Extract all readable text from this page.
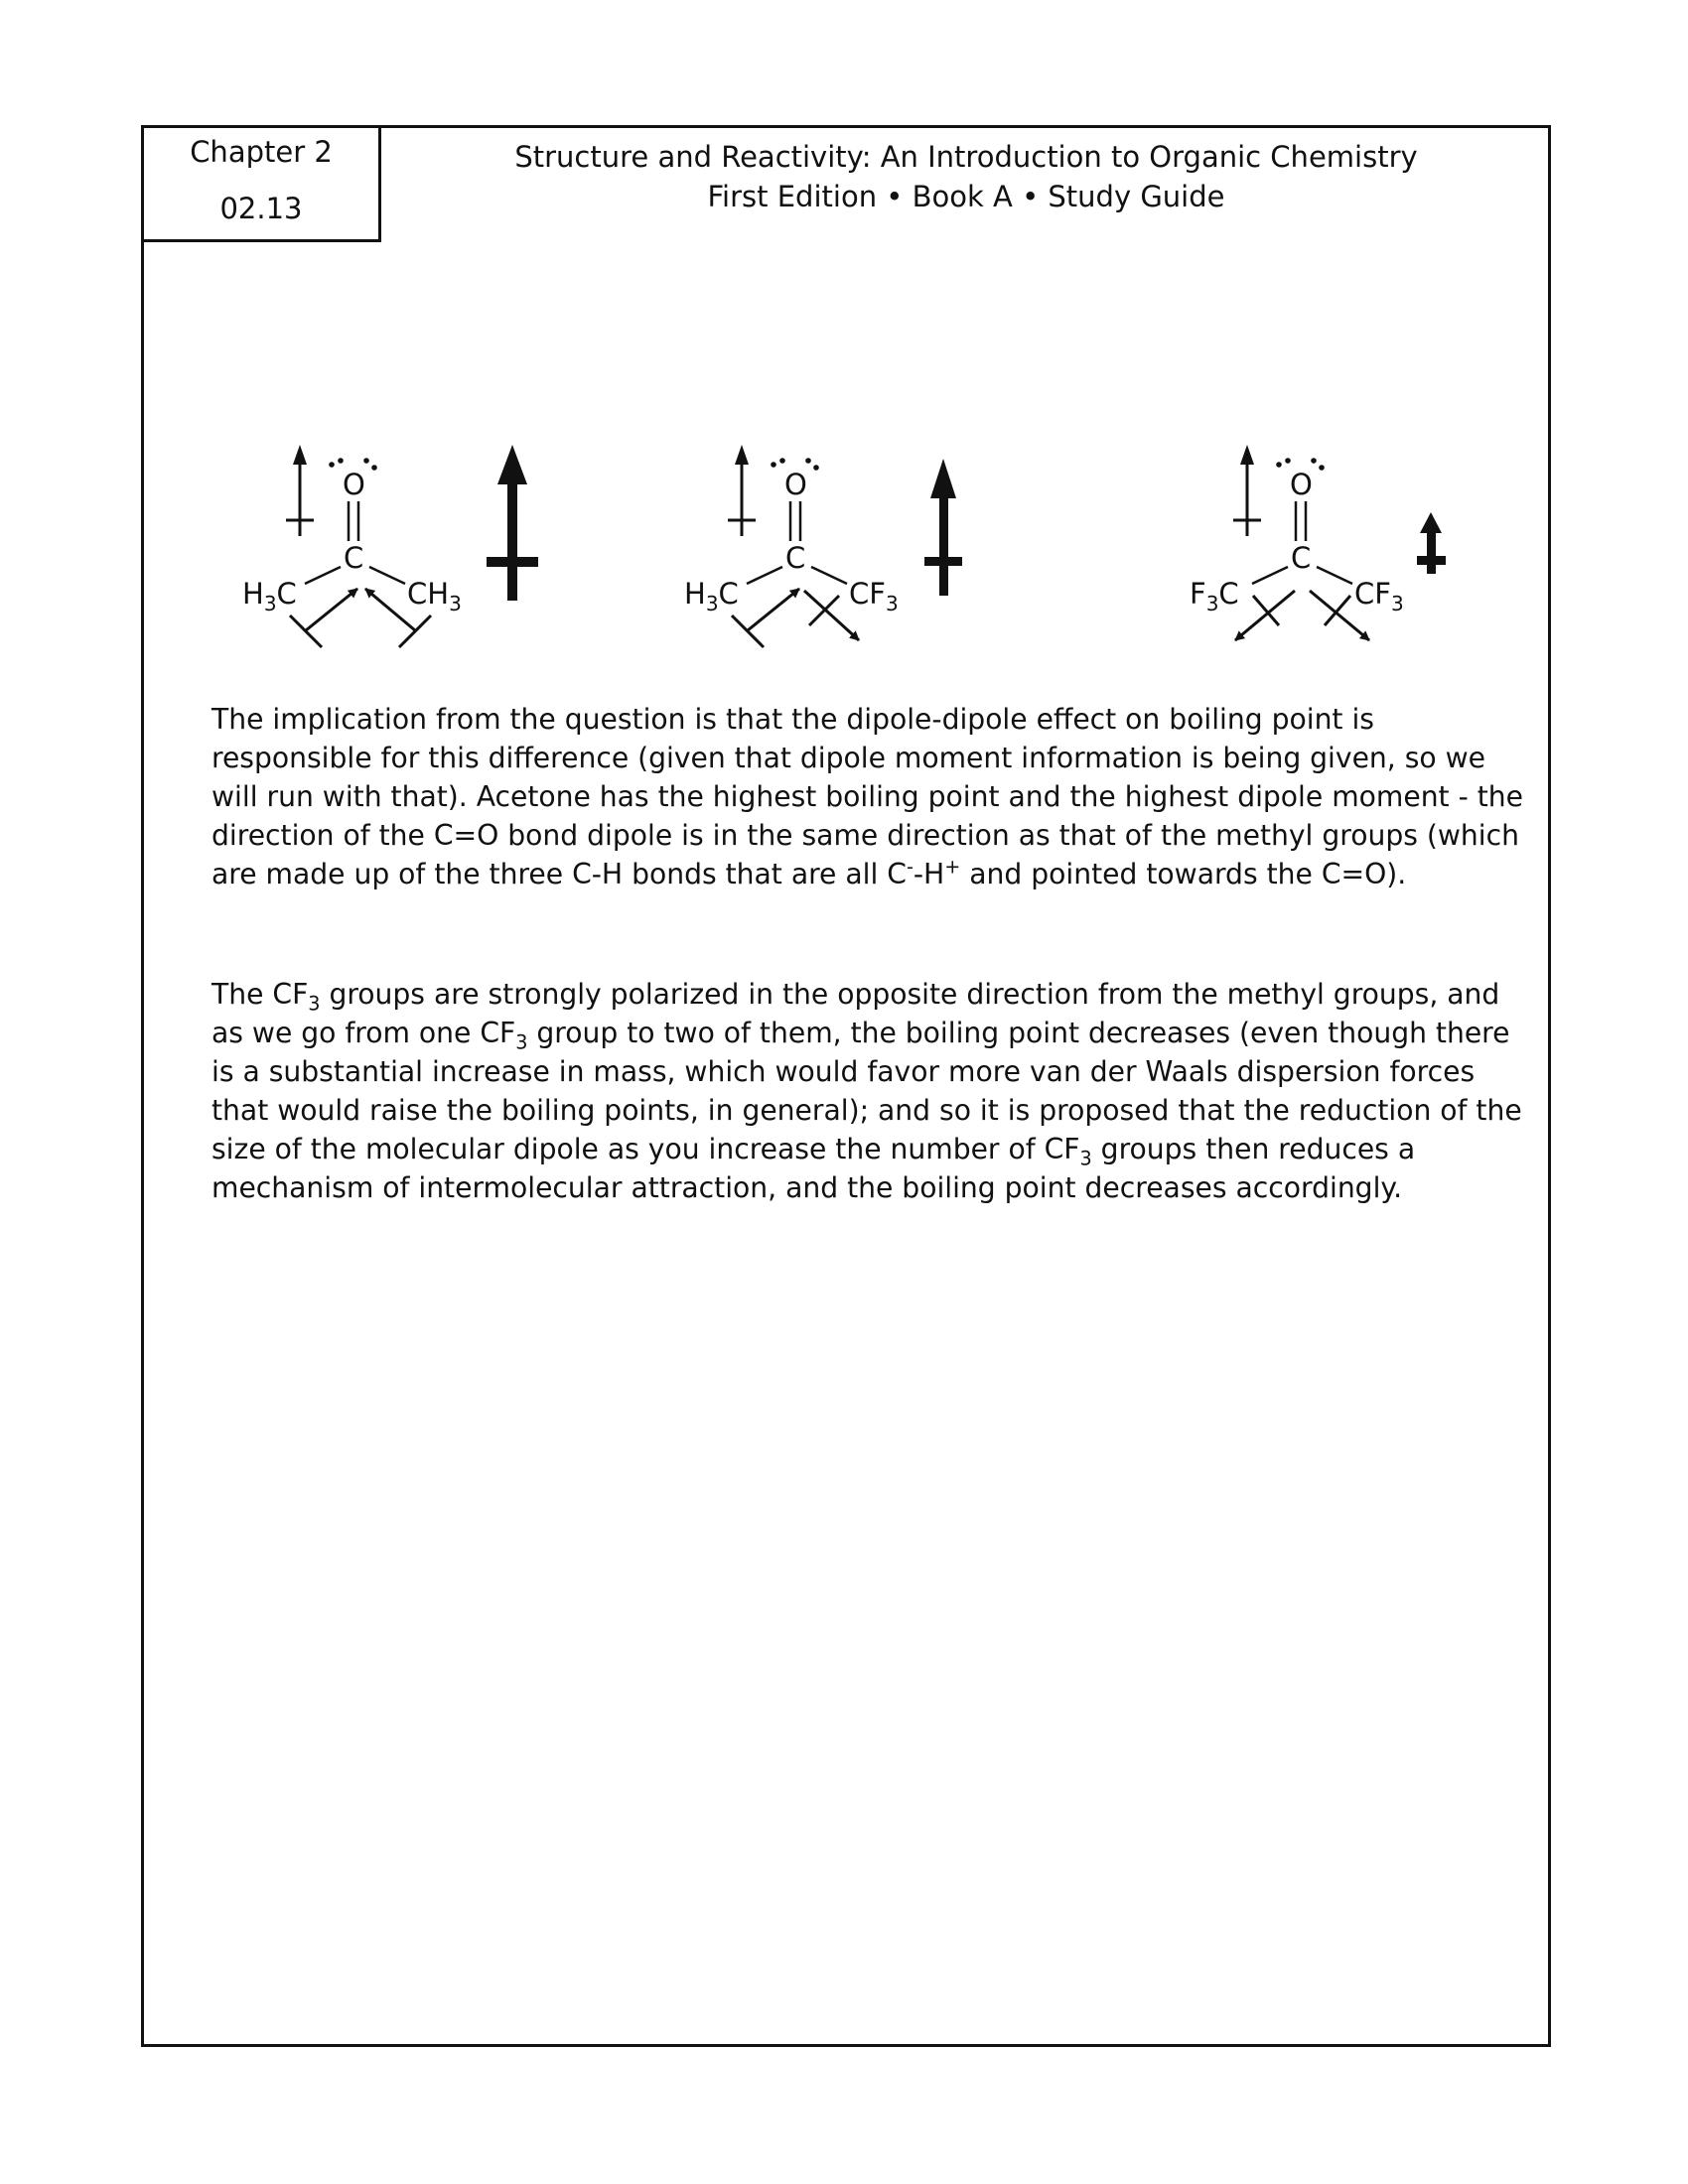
Chapter 2
02.13
Structure and Reactivity: An Introduction to Organic Chemistry
First Edition • Book A • Study Guide
O
C
$H_3C$	$CH_3$
O
C
$H_3C$	$CF_3$
O
C
$F_3C$	$CF_3$

The implication from the question is that the dipole-dipole effect on boiling point is responsible for this difference (given that dipole moment information is being given, so we will run with that). Acetone has the highest boiling point and the highest dipole moment - the direction of the C=O bond dipole is in the same direction as that of the methyl groups (which are made up of the three C-H bonds that are all C--H+ and pointed towards the C=O).

The $CF_3$ groups are strongly polarized in the opposite direction from the methyl groups, and as we go from one $CF_3$ group to two of them, the boiling point decreases (even though there is a substantial increase in mass, which would favor more van der Waals dispersion forces that would raise the boiling points, in general); and so it is proposed that the reduction of the size of the molecular dipole as you increase the number of $CF_3$ groups then reduces a mechanism of intermolecular attraction, and the boiling point decreases accordingly.
